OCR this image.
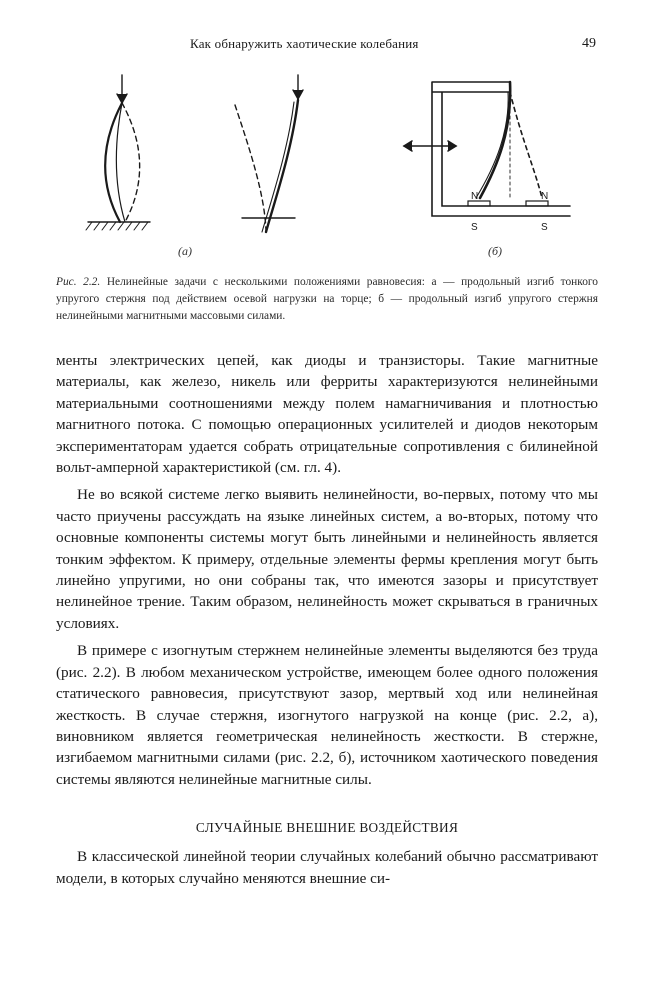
Как обнаружить хаотические колебания	49
N	N
S	S
(а)	(б)
Рис. 2.2. Нелинейные задачи с несколькими положениями равновесия: а — продольный изгиб тонкого упругого стержня под действием осевой нагрузки на торце; б — продольный изгиб упругого стержня нелинейными магнитными массовыми силами.

менты электрических цепей, как диоды и транзисторы. Такие магнитные материалы, как железо, никель или ферриты характеризуются нелинейными материальными соотношениями между полем намагничивания и плотностью магнитного потока. С помощью операционных усилителей и диодов некоторым экспериментаторам удается собрать отрицательные сопротивления с билинейной вольт-амперной характеристикой (см. гл. 4).

Не во всякой системе легко выявить нелинейности, во-первых, потому что мы часто приучены рассуждать на языке линейных систем, а во-вторых, потому что основные компоненты системы могут быть линейными и нелинейность является тонким эффектом. К примеру, отдельные элементы фермы крепления могут быть линейно упругими, но они собраны так, что имеются зазоры и присутствует нелинейное трение. Таким образом, нелинейность может скрываться в граничных условиях.

В примере с изогнутым стержнем нелинейные элементы выделяются без труда (рис. 2.2). В любом механическом устройстве, имеющем более одного положения статического равновесия, присутствуют зазор, мертвый ход или нелинейная жесткость. В случае стержня, изогнутого нагрузкой на конце (рис. 2.2, а), виновником является геометрическая нелинейность жесткости. В стержне, изгибаемом магнитными силами (рис. 2.2, б), источником хаотического поведения системы являются нелинейные магнитные силы.

СЛУЧАЙНЫЕ ВНЕШНИЕ ВОЗДЕЙСТВИЯ

В классической линейной теории случайных колебаний обычно рассматривают модели, в которых случайно меняются внешние си-
